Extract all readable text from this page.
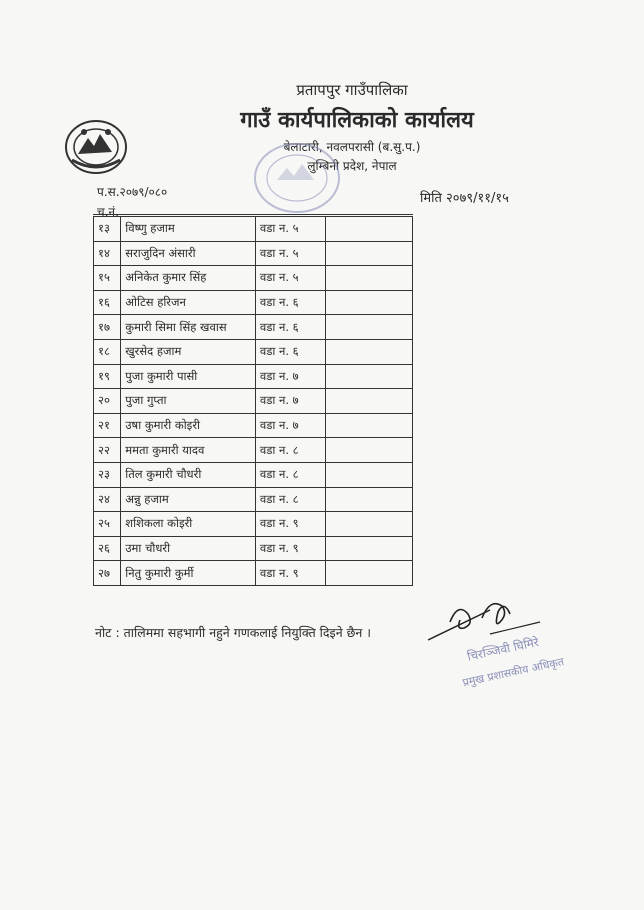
प्रतापपुर गाउँपालिका
गाउँ कार्यपालिकाको कार्यालय
बेलाटारी, नवलपरासी (ब.सु.प.)
लुम्बिनी प्रदेश, नेपाल
प.स.२०७९/०८०
च.नं.
मिति २०७९/११/१५
१३	विष्णु हजाम	वडा न. ५	
१४	सराजुदिन अंसारी	वडा न. ५	
१५	अनिकेत कुमार सिंह	वडा न. ५	
१६	ओटिस हरिजन	वडा न. ६	
१७	कुमारी सिमा सिंह खवास	वडा न. ६	
१८	खुरसेद हजाम	वडा न. ६	
१९	पुजा कुमारी पासी	वडा न. ७	
२०	पुजा गुप्ता	वडा न. ७	
२१	उषा कुमारी कोइरी	वडा न. ७	
२२	ममता कुमारी यादव	वडा न. ८	
२३	तिल कुमारी चौधरी	वडा न. ८	
२४	अन्नु हजाम	वडा न. ८	
२५	शशिकला कोइरी	वडा न. ९	
२६	उमा चौधरी	वडा न. ९	
२७	नितु कुमारी कुर्मी	वडा न. ९	
नोट : तालिममा सहभागी नहुने गणकलाई नियुक्ति दिइने छैन ।
चिरञ्जिवी घिमिरे
प्रमुख प्रशासकीय अधिकृत
